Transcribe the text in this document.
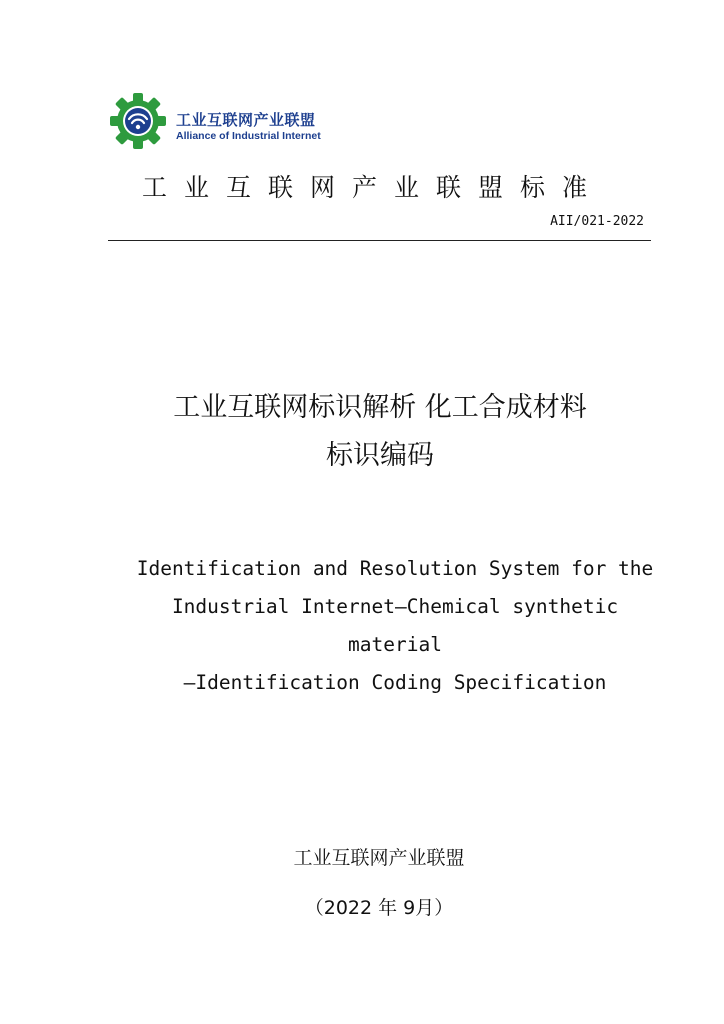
工业互联网产业联盟
Alliance of Industrial Internet
工业互联网产业联盟标准
AII/021-2022
工业互联网标识解析 化工合成材料
标识编码
Identification and Resolution System for the
Industrial Internet—Chemical synthetic
material
—Identification Coding Specification
工业互联网产业联盟
（2022 年 9月）
